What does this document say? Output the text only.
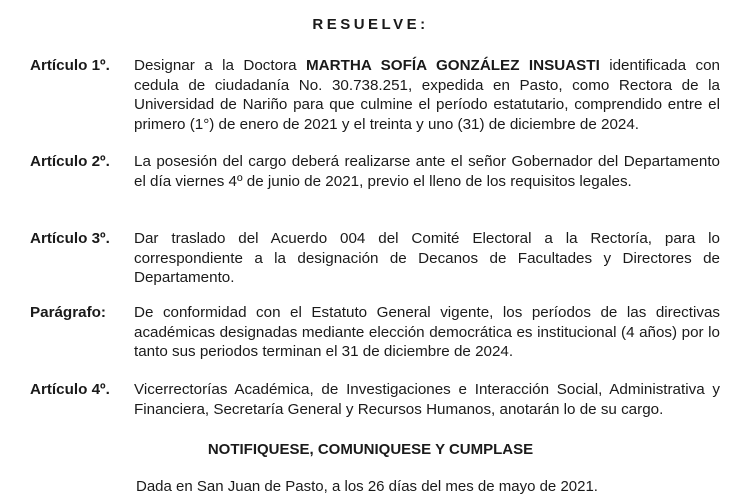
RESUELVE:
Artículo 1º. Designar a la Doctora MARTHA SOFÍA GONZÁLEZ INSUASTI identificada con cedula de ciudadanía No. 30.738.251, expedida en Pasto, como Rectora de la Universidad de Nariño para que culmine el período estatutario, comprendido entre el primero (1°) de enero de 2021 y el treinta y uno (31) de diciembre de 2024.
Artículo 2º. La posesión del cargo deberá realizarse ante el señor Gobernador del Departamento el día viernes 4º de junio de 2021, previo el lleno de los requisitos legales.
Artículo 3º. Dar traslado del Acuerdo 004 del Comité Electoral a la Rectoría, para lo correspondiente a la designación de Decanos de Facultades y Directores de Departamento.
Parágrafo: De conformidad con el Estatuto General vigente, los períodos de las directivas académicas designadas mediante elección democrática es institucional (4 años) por lo tanto sus periodos terminan el 31 de diciembre de 2024.
Artículo 4º. Vicerrectorías Académica, de Investigaciones e Interacción Social, Administrativa y Financiera, Secretaría General y Recursos Humanos, anotarán lo de su cargo.
NOTIFIQUESE, COMUNIQUESE Y CUMPLASE
Dada en San Juan de Pasto, a los 26 días del mes de mayo de 2021.
